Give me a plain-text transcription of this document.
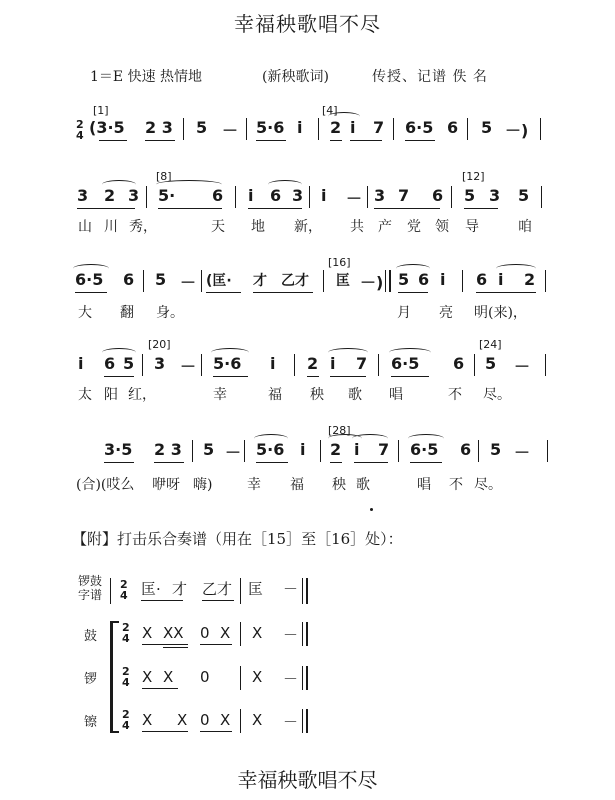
幸福秧歌唱不尽
1＝E 快速 热情地	(新秧歌词)	传授、记谱 佚 名
[1]	[4]
2
4 (3·5 2 3 5 － 5·6 i 2 i 7 6·5 6 5 －)
[8]	[12]
3 2 3 5· 6 i 6 3 i － 3 7 6 5 3 5
山 川 秀，	天 地 新， 共 产 党 领 导	咱
[16]
6·5 6 5 － (匡· 才 乙才 匡 －) 5 6 i 6 i 2
大 翻 身。	月 亮 明(来)，
[20]	[24]
i 6 5 3 － 5·6 i 2 i 7 6·5 6 5 －
太 阳 红，	幸	福 秧 歌 唱	不 尽。
[28]
3·5 2 3 5 － 5·6 i 2 i 7 6·5 6 5 －
(合)(哎么 咿呀 嗨) 幸 福 秧 歌	唱 不 尽。
【附】打击乐合奏谱（用在［15］至［16］处）：
锣鼓
字谱
2
4 匡· 才 乙才 匡 －
鼓
2
4 X XX 0 X X －
锣
2
4 X X 0	X －
镲
2
4 X X 0 X X －
幸福秧歌唱不尽
